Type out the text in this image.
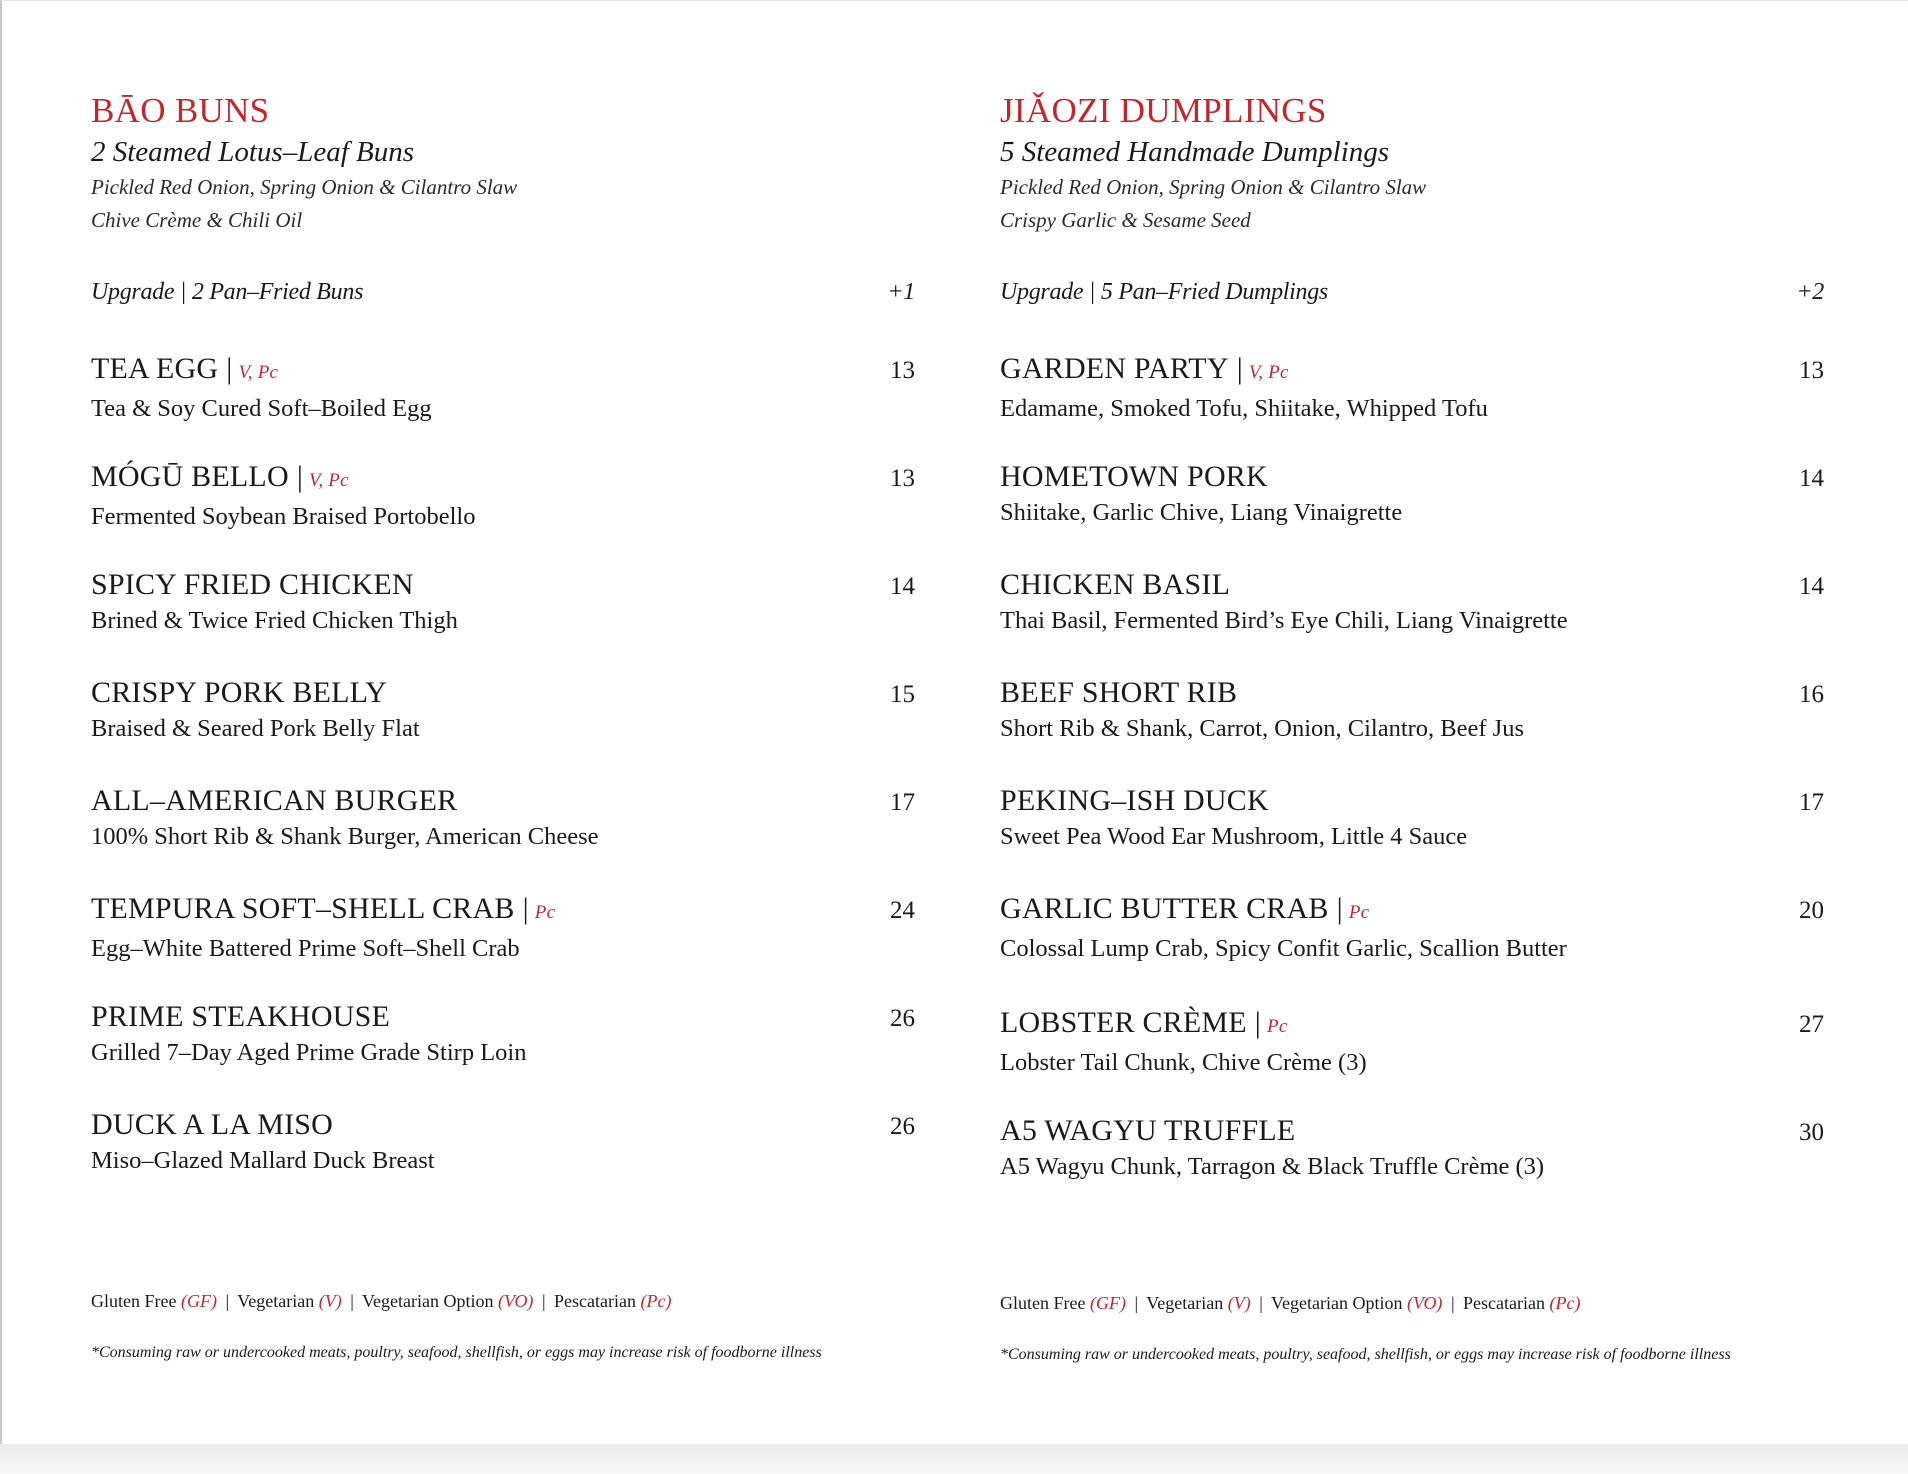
BĀO BUNS
2 Steamed Lotus–Leaf Buns
Pickled Red Onion, Spring Onion & Cilantro Slaw
Chive Crème & Chili Oil
Upgrade | 2 Pan–Fried Buns	+1
TEA EGG | V, Pc	13
Tea & Soy Cured Soft–Boiled Egg
MÓGŪ BELLO | V, Pc	13
Fermented Soybean Braised Portobello
SPICY FRIED CHICKEN	14
Brined & Twice Fried Chicken Thigh
CRISPY PORK BELLY	15
Braised & Seared Pork Belly Flat
ALL–AMERICAN BURGER	17
100% Short Rib & Shank Burger, American Cheese
TEMPURA SOFT–SHELL CRAB | Pc	24
Egg–White Battered Prime Soft–Shell Crab
PRIME STEAKHOUSE	26
Grilled 7–Day Aged Prime Grade Stirp Loin
DUCK A LA MISO	26
Miso–Glazed Mallard Duck Breast
JIǍOZI DUMPLINGS
5 Steamed Handmade Dumplings
Pickled Red Onion, Spring Onion & Cilantro Slaw
Crispy Garlic & Sesame Seed
Upgrade | 5 Pan–Fried Dumplings	+2
GARDEN PARTY | V, Pc	13
Edamame, Smoked Tofu, Shiitake, Whipped Tofu
HOMETOWN PORK	14
Shiitake, Garlic Chive, Liang Vinaigrette
CHICKEN BASIL	14
Thai Basil, Fermented Bird’s Eye Chili, Liang Vinaigrette
BEEF SHORT RIB	16
Short Rib & Shank, Carrot, Onion, Cilantro, Beef Jus
PEKING–ISH DUCK	17
Sweet Pea Wood Ear Mushroom, Little 4 Sauce
GARLIC BUTTER CRAB | Pc	20
Colossal Lump Crab, Spicy Confit Garlic, Scallion Butter
LOBSTER CRÈME | Pc	27
Lobster Tail Chunk, Chive Crème (3)
A5 WAGYU TRUFFLE	30
A5 Wagyu Chunk, Tarragon & Black Truffle Crème (3)
Gluten Free (GF) | Vegetarian (V) | Vegetarian Option (VO) | Pescatarian (Pc)
*Consuming raw or undercooked meats, poultry, seafood, shellfish, or eggs may increase risk of foodborne illness
Gluten Free (GF) | Vegetarian (V) | Vegetarian Option (VO) | Pescatarian (Pc)
*Consuming raw or undercooked meats, poultry, seafood, shellfish, or eggs may increase risk of foodborne illness
